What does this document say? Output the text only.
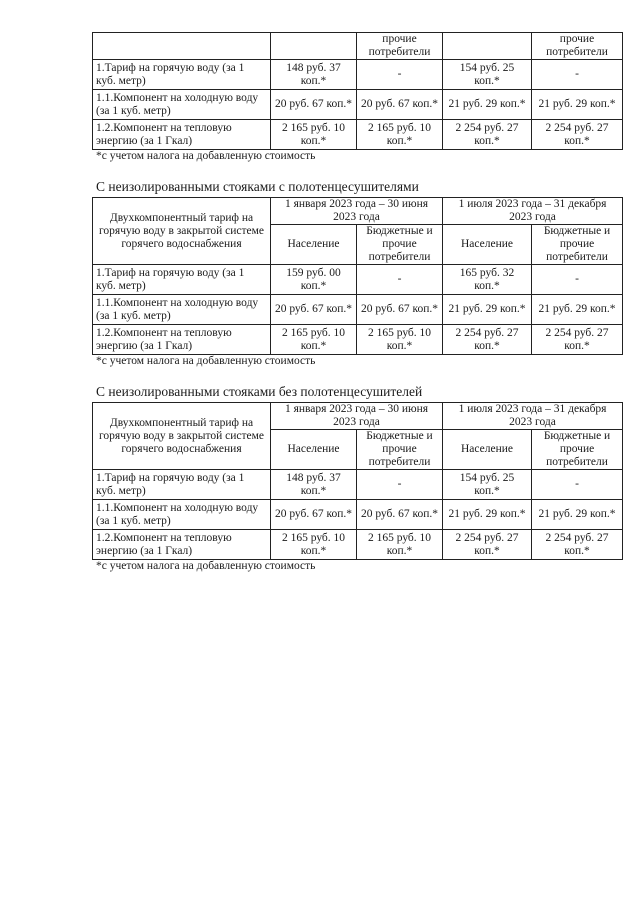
		прочие потребители		прочие потребители
1.Тариф на горячую воду (за 1 куб. метр)	148 руб. 37 коп.*	-	154 руб. 25 коп.*	-
1.1.Компонент на холодную воду (за 1 куб. метр)	20 руб. 67 коп.*	20 руб. 67 коп.*	21 руб. 29 коп.*	21 руб. 29 коп.*
1.2.Компонент на тепловую энергию (за 1 Гкал)	2 165 руб. 10 коп.*	2 165 руб. 10 коп.*	2 254 руб. 27 коп.*	2 254 руб. 27 коп.*
*с учетом налога на добавленную стоимость
С неизолированными стояками с полотенцесушителями
Двухкомпонентный тариф на горячую воду в закрытой системе горячего водоснабжения	1 января 2023 года – 30 июня 2023 года		1 июля 2023 года – 31 декабря 2023 года	
	Население	Бюджетные и прочие потребители	Население	Бюджетные и прочие потребители
1.Тариф на горячую воду (за 1 куб. метр)	159 руб. 00 коп.*	-	165 руб. 32 коп.*	-
1.1.Компонент на холодную воду (за 1 куб. метр)	20 руб. 67 коп.*	20 руб. 67 коп.*	21 руб. 29 коп.*	21 руб. 29 коп.*
1.2.Компонент на тепловую энергию (за 1 Гкал)	2 165 руб. 10 коп.*	2 165 руб. 10 коп.*	2 254 руб. 27 коп.*	2 254 руб. 27 коп.*
*с учетом налога на добавленную стоимость
С неизолированными стояками без полотенцесушителей
Двухкомпонентный тариф на горячую воду в закрытой системе горячего водоснабжения	1 января 2023 года – 30 июня 2023 года		1 июля 2023 года – 31 декабря 2023 года	
	Население	Бюджетные и прочие потребители	Население	Бюджетные и прочие потребители
1.Тариф на горячую воду (за 1 куб. метр)	148 руб. 37 коп.*	-	154 руб. 25 коп.*	-
1.1.Компонент на холодную воду (за 1 куб. метр)	20 руб. 67 коп.*	20 руб. 67 коп.*	21 руб. 29 коп.*	21 руб. 29 коп.*
1.2.Компонент на тепловую энергию (за 1 Гкал)	2 165 руб. 10 коп.*	2 165 руб. 10 коп.*	2 254 руб. 27 коп.*	2 254 руб. 27 коп.*
*с учетом налога на добавленную стоимость
